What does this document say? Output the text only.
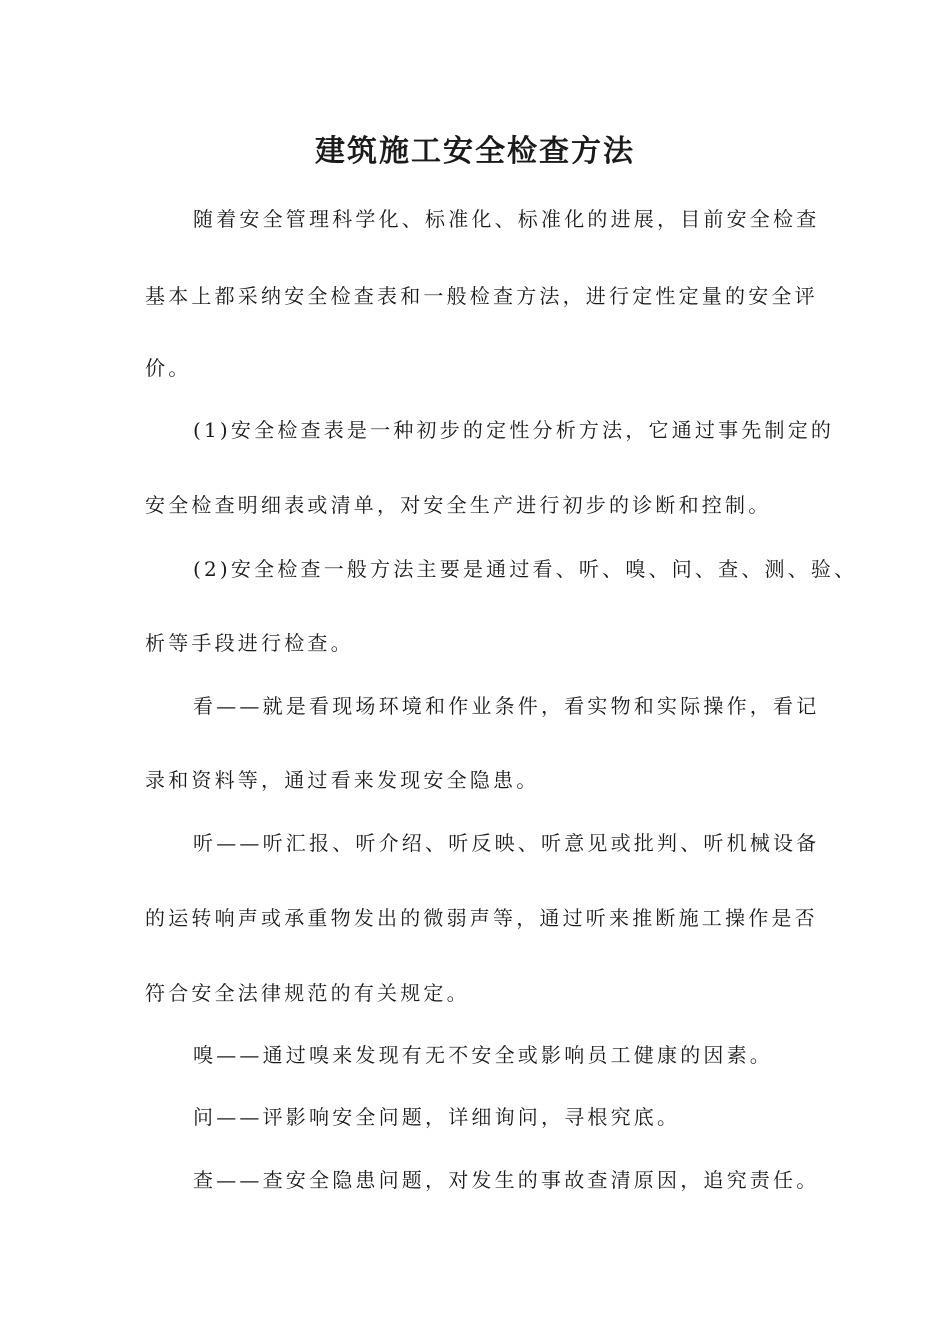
建筑施工安全检查方法
随着安全管理科学化、标准化、标准化的进展，目前安全检查
基本上都采纳安全检查表和一般检查方法，进行定性定量的安全评
价。
(1)安全检查表是一种初步的定性分析方法，它通过事先制定的
安全检查明细表或清单，对安全生产进行初步的诊断和控制。
(2)安全检查一般方法主要是通过看、听、嗅、问、查、测、验、
析等手段进行检查。
看——就是看现场环境和作业条件，看实物和实际操作，看记
录和资料等，通过看来发现安全隐患。
听——听汇报、听介绍、听反映、听意见或批判、听机械设备
的运转响声或承重物发出的微弱声等，通过听来推断施工操作是否
符合安全法律规范的有关规定。
嗅——通过嗅来发现有无不安全或影响员工健康的因素。
问——评影响安全问题，详细询问，寻根究底。
查——查安全隐患问题，对发生的事故查清原因，追究责任。
